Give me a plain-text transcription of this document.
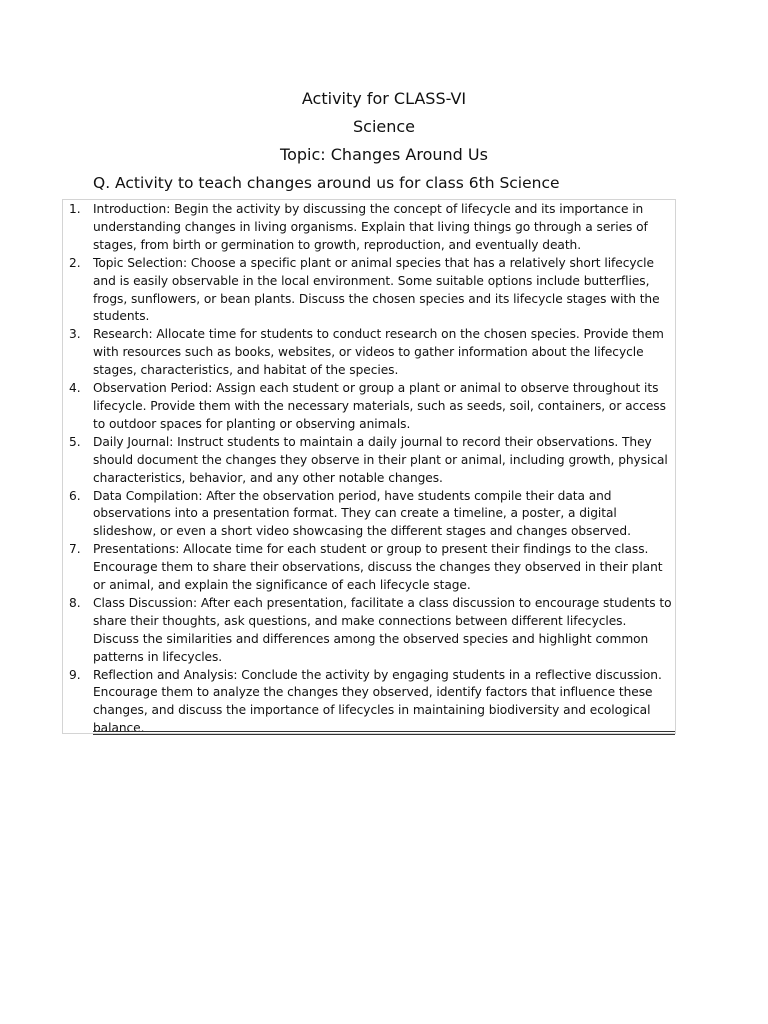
Activity for CLASS-VI
Science
Topic: Changes Around Us

Q. Activity to teach changes around us for class 6th Science

1. Introduction: Begin the activity by discussing the concept of lifecycle and its importance in understanding changes in living organisms. Explain that living things go through a series of stages, from birth or germination to growth, reproduction, and eventually death.
2. Topic Selection: Choose a specific plant or animal species that has a relatively short lifecycle and is easily observable in the local environment. Some suitable options include butterflies, frogs, sunflowers, or bean plants. Discuss the chosen species and its lifecycle stages with the students.
3. Research: Allocate time for students to conduct research on the chosen species. Provide them with resources such as books, websites, or videos to gather information about the lifecycle stages, characteristics, and habitat of the species.
4. Observation Period: Assign each student or group a plant or animal to observe throughout its lifecycle. Provide them with the necessary materials, such as seeds, soil, containers, or access to outdoor spaces for planting or observing animals.
5. Daily Journal: Instruct students to maintain a daily journal to record their observations. They should document the changes they observe in their plant or animal, including growth, physical characteristics, behavior, and any other notable changes.
6. Data Compilation: After the observation period, have students compile their data and observations into a presentation format. They can create a timeline, a poster, a digital slideshow, or even a short video showcasing the different stages and changes observed.
7. Presentations: Allocate time for each student or group to present their findings to the class. Encourage them to share their observations, discuss the changes they observed in their plant or animal, and explain the significance of each lifecycle stage.
8. Class Discussion: After each presentation, facilitate a class discussion to encourage students to share their thoughts, ask questions, and make connections between different lifecycles. Discuss the similarities and differences among the observed species and highlight common patterns in lifecycles.
9. Reflection and Analysis: Conclude the activity by engaging students in a reflective discussion. Encourage them to analyze the changes they observed, identify factors that influence these changes, and discuss the importance of lifecycles in maintaining biodiversity and ecological balance.
